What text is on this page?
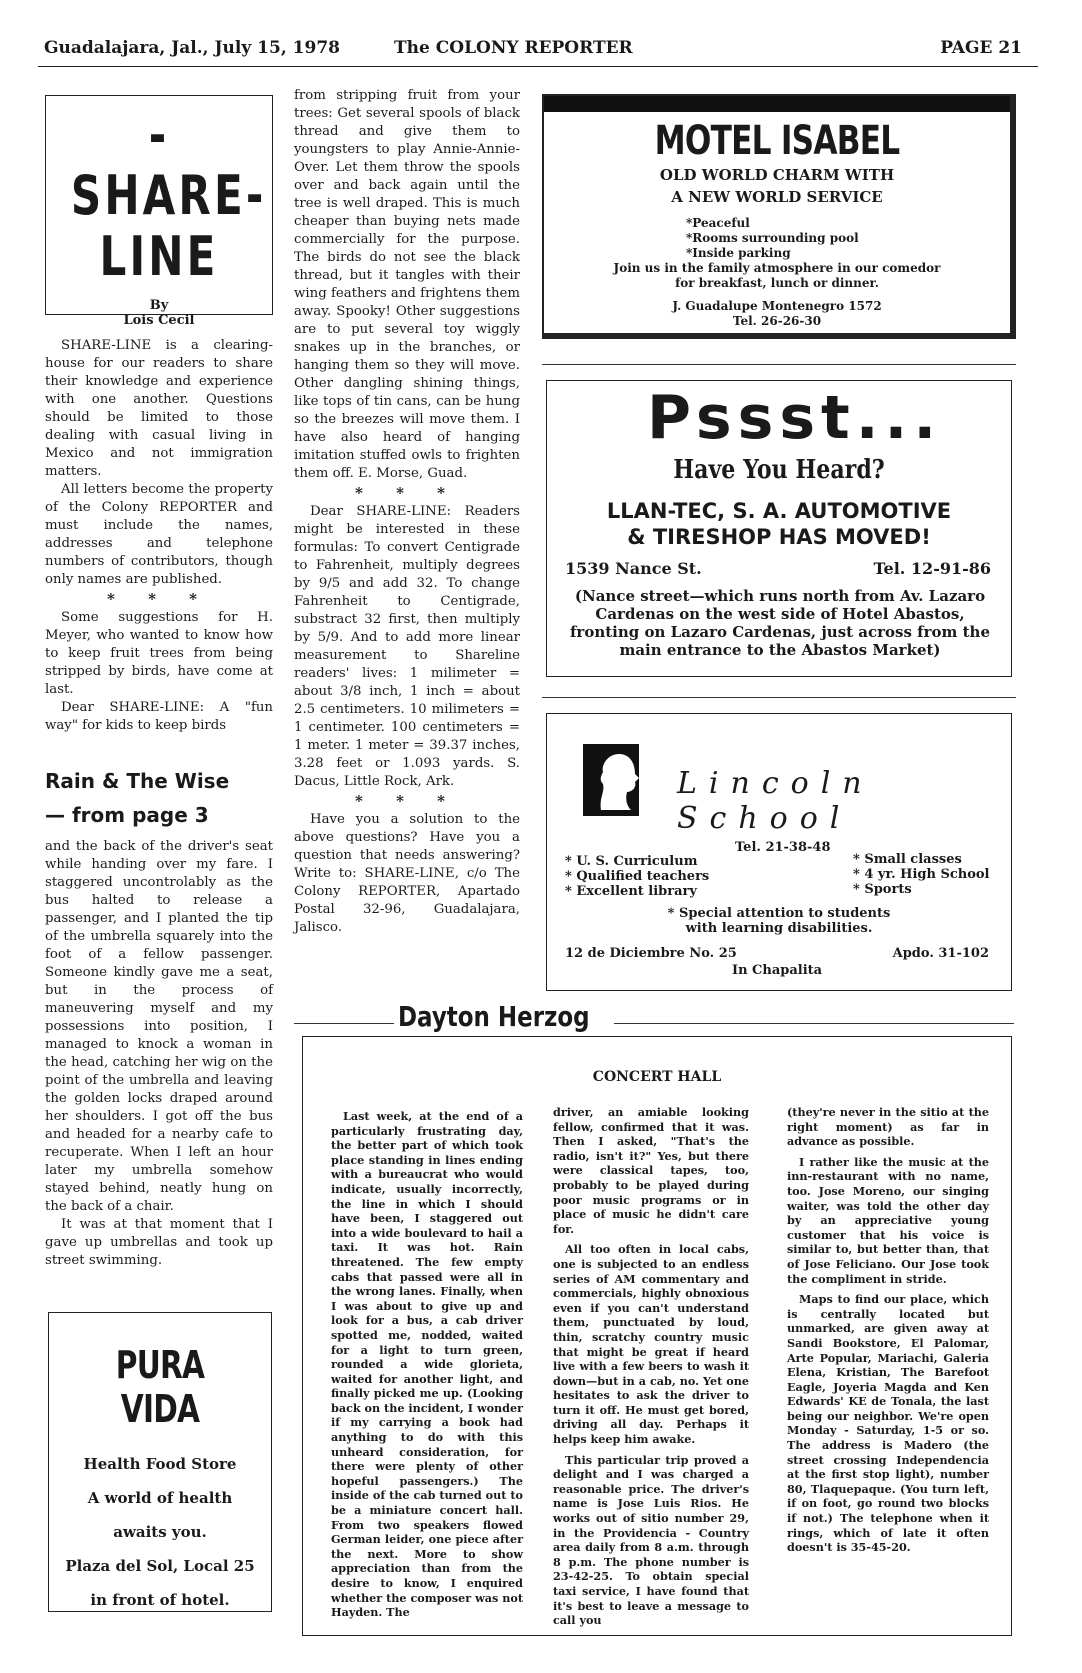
Guadalajara, Jal., July 15, 1978	The COLONY REPORTER	PAGE 21
-SHARE-
LINE
By
Lois Cecil

SHARE-LINE is a clearing-house for our readers to share their knowledge and experience with one another. Questions should be limited to those dealing with casual living in Mexico and not immigration matters.

All letters become the property of the Colony REPORTER and must include the names, addresses and telephone numbers of contributors, though only names are published.

* * *

Some suggestions for H. Meyer, who wanted to know how to keep fruit trees from being stripped by birds, have come at last.

Dear SHARE-LINE: A "fun way" for kids to keep birds

Rain & The Wise
— from page 3

and the back of the driver's seat while handing over my fare. I staggered uncontrolably as the bus halted to release a passenger, and I planted the tip of the umbrella squarely into the foot of a fellow passenger. Someone kindly gave me a seat, but in the process of maneuvering myself and my possessions into position, I managed to knock a woman in the head, catching her wig on the point of the umbrella and leaving the golden locks draped around her shoulders. I got off the bus and headed for a nearby cafe to recuperate. When I left an hour later my umbrella somehow stayed behind, neatly hung on the back of a chair.

It was at that moment that I gave up umbrellas and took up street swimming.

PURA VIDA
Health Food Store
A world of health
awaits you.
Plaza del Sol, Local 25
in front of hotel.

from stripping fruit from your trees: Get several spools of black thread and give them to youngsters to play Annie-Annie-Over. Let them throw the spools over and back again until the tree is well draped. This is much cheaper than buying nets made commercially for the purpose. The birds do not see the black thread, but it tangles with their wing feathers and frightens them away. Spooky! Other suggestions are to put several toy wiggly snakes up in the branches, or hanging them so they will move. Other dangling shining things, like tops of tin cans, can be hung so the breezes will move them. I have also heard of hanging imitation stuffed owls to frighten them off. E. Morse, Guad.

* * *

Dear SHARE-LINE: Readers might be interested in these formulas: To convert Centigrade to Fahrenheit, multiply degrees by 9/5 and add 32. To change Fahrenheit to Centigrade, substract 32 first, then multiply by 5/9. And to add more linear measurement to Shareline readers' lives: 1 milimeter = about 3/8 inch, 1 inch = about 2.5 centimeters. 10 milimeters = 1 centimeter. 100 centimeters = 1 meter. 1 meter = 39.37 inches, 3.28 feet or 1.093 yards. S. Dacus, Little Rock, Ark.

* * *

Have you a solution to the above questions? Have you a question that needs answering? Write to: SHARE-LINE, c/o The Colony REPORTER, Apartado Postal 32-96, Guadalajara, Jalisco.

MOTEL ISABEL
OLD WORLD CHARM WITH
A NEW WORLD SERVICE
*Peaceful
*Rooms surrounding pool
*Inside parking
Join us in the family atmosphere in our comedor
for breakfast, lunch or dinner.
J. Guadalupe Montenegro 1572
Tel. 26-26-30
Pssst...
Have You Heard?
LLAN-TEC, S. A. AUTOMOTIVE
& TIRESHOP HAS MOVED!
1539 Nance St.	Tel. 12-91-86
(Nance street—which runs north from Av. Lazaro Cardenas on the west side of Hotel Abastos, fronting on Lazaro Cardenas, just across from the main entrance to the Abastos Market)
Lincoln School
Tel. 21-38-48
* U. S. Curriculum
* Qualified teachers
* Excellent library
* Small classes
* 4 yr. High School
* Sports
* Special attention to students
with learning disabilities.
12 de Diciembre No. 25
In Chapalita
Apdo. 31-102
Dayton Herzog
CONCERT HALL

Last week, at the end of a particularly frustrating day, the better part of which took place standing in lines ending with a bureaucrat who would indicate, usually incorrectly, the line in which I should have been, I staggered out into a wide boulevard to hail a taxi. It was hot. Rain threatened. The few empty cabs that passed were all in the wrong lanes. Finally, when I was about to give up and look for a bus, a cab driver spotted me, nodded, waited for a light to turn green, rounded a wide glorieta, waited for another light, and finally picked me up. (Looking back on the incident, I wonder if my carrying a book had anything to do with this unheard consideration, for there were plenty of other hopeful passengers.) The inside of the cab turned out to be a miniature concert hall. From two speakers flowed German leider, one piece after the next. More to show appreciation than from the desire to know, I enquired whether the composer was not Hayden. The

driver, an amiable looking fellow, confirmed that it was. Then I asked, "That's the radio, isn't it?" Yes, but there were classical tapes, too, probably to be played during poor music programs or in place of music he didn't care for.

All too often in local cabs, one is subjected to an endless series of AM commentary and commercials, highly obnoxious even if you can't understand them, punctuated by loud, thin, scratchy country music that might be great if heard live with a few beers to wash it down—but in a cab, no. Yet one hesitates to ask the driver to turn it off. He must get bored, driving all day. Perhaps it helps keep him awake.

This particular trip proved a delight and I was charged a reasonable price. The driver's name is Jose Luis Rios. He works out of sitio number 29, in the Providencia - Country area daily from 8 a.m. through 8 p.m. The phone number is 23-42-25. To obtain special taxi service, I have found that it's best to leave a message to call you

(they're never in the sitio at the right moment) as far in advance as possible.

I rather like the music at the inn-restaurant with no name, too. Jose Moreno, our singing waiter, was told the other day by an appreciative young customer that his voice is similar to, but better than, that of Jose Feliciano. Our Jose took the compliment in stride.

Maps to find our place, which is centrally located but unmarked, are given away at Sandi Bookstore, El Palomar, Arte Popular, Mariachi, Galeria Elena, Kristian, The Barefoot Eagle, Joyeria Magda and Ken Edwards' KE de Tonala, the last being our neighbor. We're open Monday - Saturday, 1-5 or so. The address is Madero (the street crossing Independencia at the first stop light), number 80, Tlaquepaque. (You turn left, if on foot, go round two blocks if not.) The telephone when it rings, which of late it often doesn't is 35-45-20.
